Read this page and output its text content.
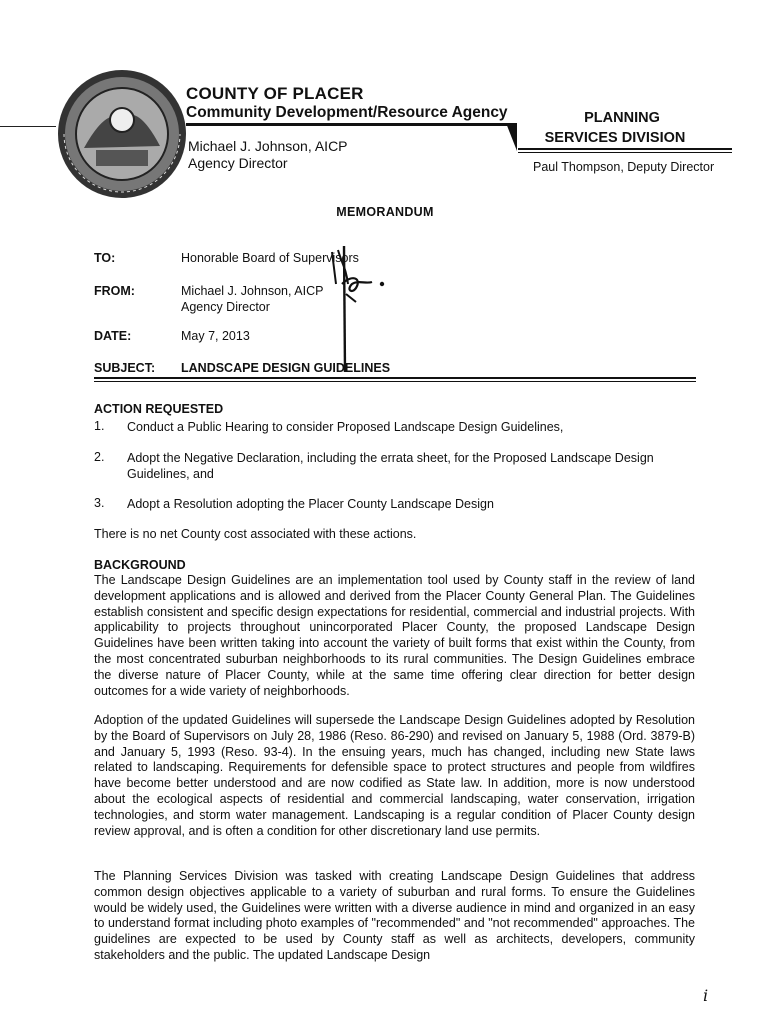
COUNTY OF PLACER
Community Development/Resource Agency
Michael J. Johnson, AICP
Agency Director
PLANNING
SERVICES DIVISION
Paul Thompson, Deputy Director
MEMORANDUM
TO:	Honorable Board of Supervisors
FROM:	Michael J. Johnson, AICP
Agency Director
DATE:	May 7, 2013
SUBJECT: LANDSCAPE DESIGN GUIDELINES
ACTION REQUESTED
1. Conduct a Public Hearing to consider Proposed Landscape Design Guidelines,
2. Adopt the Negative Declaration, including the errata sheet, for the Proposed Landscape Design Guidelines, and
3. Adopt a Resolution adopting the Placer County Landscape Design
There is no net County cost associated with these actions.
BACKGROUND
The Landscape Design Guidelines are an implementation tool used by County staff in the review of land development applications and is allowed and derived from the Placer County General Plan. The Guidelines establish consistent and specific design expectations for residential, commercial and industrial projects. With applicability to projects throughout unincorporated Placer County, the proposed Landscape Design Guidelines have been written taking into account the variety of built forms that exist within the County, from the most concentrated suburban neighborhoods to its rural communities. The Design Guidelines embrace the diverse nature of Placer County, while at the same time offering clear direction for better design outcomes for a wide variety of neighborhoods.
Adoption of the updated Guidelines will supersede the Landscape Design Guidelines adopted by Resolution by the Board of Supervisors on July 28, 1986 (Reso. 86-290) and revised on January 5, 1988 (Ord. 3879-B) and January 5, 1993 (Reso. 93-4). In the ensuing years, much has changed, including new State laws related to landscaping. Requirements for defensible space to protect structures and people from wildfires have become better understood and are now codified as State law. In addition, more is now understood about the ecological aspects of residential and commercial landscaping, water conservation, irrigation technologies, and storm water management. Landscaping is a regular condition of Placer County design review approval, and is often a condition for other discretionary land use permits.
The Planning Services Division was tasked with creating Landscape Design Guidelines that address common design objectives applicable to a variety of suburban and rural forms. To ensure the Guidelines would be widely used, the Guidelines were written with a diverse audience in mind and organized in an easy to understand format including photo examples of "recommended" and "not recommended" approaches. The guidelines are expected to be used by County staff as well as architects, developers, community stakeholders and the public. The updated Landscape Design
i
